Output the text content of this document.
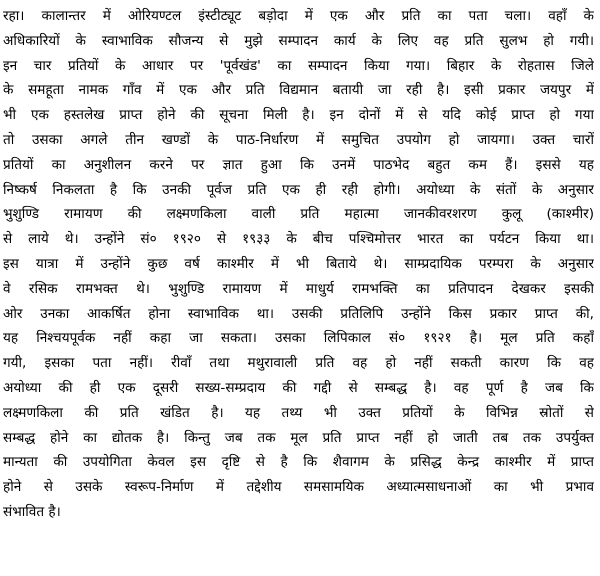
रहा। कालान्तर में ओरियण्टल इंस्टीट्यूट बड़ोदा में एक और प्रति का पता चला। वहाँ के
अधिकारियों के स्वाभाविक सौजन्य से मुझे सम्पादन कार्य के लिए वह प्रति सुलभ हो गयी।
इन चार प्रतियों के आधार पर 'पूर्वखंड' का सम्पादन किया गया। बिहार के रोहतास जिले
के समहूता नामक गाँव में एक और प्रति विद्यमान बतायी जा रही है। इसी प्रकार जयपुर में
भी एक हस्तलेख प्राप्त होने की सूचना मिली है। इन दोनों में से यदि कोई प्राप्त हो गया
तो उसका अगले तीन खण्डों के पाठ-निर्धारण में समुचित उपयोग हो जायगा। उक्त चारों
प्रतियों का अनुशीलन करने पर ज्ञात हुआ कि उनमें पाठभेद बहुत कम हैं। इससे यह
निष्कर्ष निकलता है कि उनकी पूर्वज प्रति एक ही रही होगी। अयोध्या के संतों के अनुसार
भुशुण्डि रामायण की लक्ष्मणकिला वाली प्रति महात्मा जानकीवरशरण कुलू (काश्मीर)
से लाये थे। उन्होंने सं० १९२० से १९३३ के बीच पश्चिमोत्तर भारत का पर्यटन किया था।
इस यात्रा में उन्होंने कुछ वर्ष काश्मीर में भी बिताये थे। साम्प्रदायिक परम्परा के अनुसार
वे रसिक रामभक्त थे। भुशुण्डि रामायण में माधुर्य रामभक्ति का प्रतिपादन देखकर इसकी
ओर उनका आकर्षित होना स्वाभाविक था। उसकी प्रतिलिपि उन्होंने किस प्रकार प्राप्त की,
यह निश्चयपूर्वक नहीं कहा जा सकता। उसका लिपिकाल सं० १९२१ है। मूल प्रति कहाँ
गयी, इसका पता नहीं। रीवाँ तथा मथुरावाली प्रति वह हो नहीं सकती कारण कि वह
अयोध्या की ही एक दूसरी सख्य-सम्प्रदाय की गद्दी से सम्बद्ध है। वह पूर्ण है जब कि
लक्ष्मणकिला की प्रति खंडित है। यह तथ्य भी उक्त प्रतियों के विभिन्न स्रोतों से
सम्बद्ध होने का द्योतक है। किन्तु जब तक मूल प्रति प्राप्त नहीं हो जाती तब तक उपर्युक्त
मान्यता की उपयोगिता केवल इस दृष्टि से है कि शैवागम के प्रसिद्ध केन्द्र काश्मीर में प्राप्त
होने से उसके स्वरूप-निर्माण में तद्देशीय समसामयिक अध्यात्मसाधनाओं का भी प्रभाव
संभावित है।
